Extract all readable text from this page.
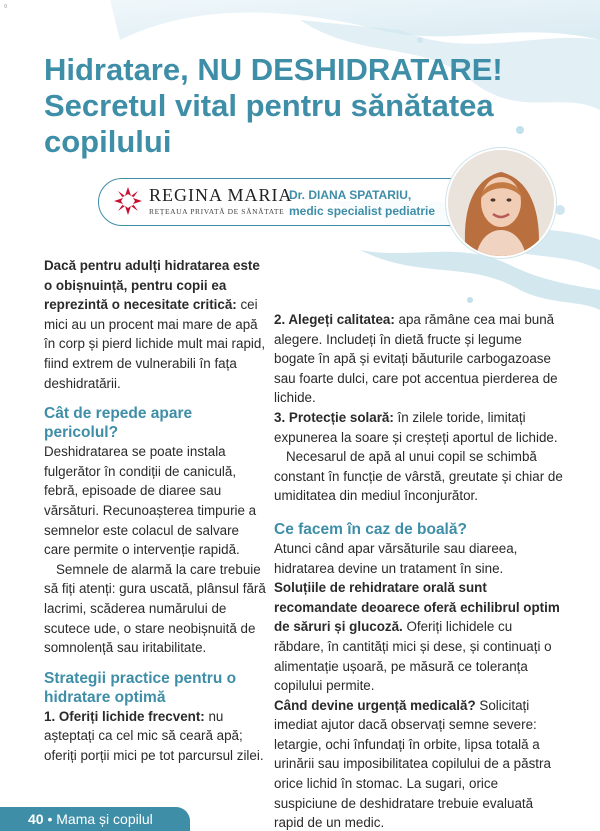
¤
Hidratare, NU DESHIDRATARE!
Secretul vital pentru sănătatea
copilului
REGINA MARIA
REȚEAUA PRIVATĂ DE SĂNĂTATE
Dr. DIANA SPATARIU,
medic specialist pediatrie

Dacă pentru adulți hidratarea este o obișnuință, pentru copii ea reprezintă o necesitate critică: cei mici au un procent mai mare de apă în corp și pierd lichide mult mai rapid, fiind extrem de vulnerabili în fața deshidratării.

Cât de repede apare pericolul?

Deshidratarea se poate instala fulgerător în condiții de caniculă, febră, episoade de diaree sau vărsături. Recunoașterea timpurie a semnelor este colacul de salvare care permite o intervenție rapidă.

Semnele de alarmă la care trebuie să fiți atenți: gura uscată, plânsul fără lacrimi, scăderea numărului de scutece ude, o stare neobișnuită de somnolență sau iritabilitate.

Strategii practice pentru o hidratare optimă

1. Oferiți lichide frecvent: nu așteptați ca cel mic să ceară apă; oferiți porții mici pe tot parcursul zilei.

2. Alegeți calitatea: apa rămâne cea mai bună alegere. Includeți în dietă fructe și legume bogate în apă și evitați băuturile carbogazoase sau foarte dulci, care pot accentua pierderea de lichide.

3. Protecție solară: în zilele toride, limitați expunerea la soare și creșteți aportul de lichide.

Necesarul de apă al unui copil se schimbă constant în funcție de vârstă, greutate și chiar de umiditatea din mediul înconjurător.

Ce facem în caz de boală?

Atunci când apar vărsăturile sau diareea, hidratarea devine un tratament în sine.

Soluțiile de rehidratare orală sunt recomandate deoarece oferă echilibrul optim de săruri și glucoză. Oferiți lichidele cu răbdare, în cantități mici și dese, și continuați o alimentație ușoară, pe măsură ce toleranța copilului permite.

Când devine urgență medicală? Solicitați imediat ajutor dacă observați semne severe: letargie, ochi înfundați în orbite, lipsa totală a urinării sau imposibilitatea copilului de a păstra orice lichid în stomac. La sugari, orice suspiciune de deshidratare trebuie evaluată rapid de un medic.

40 • Mama și copilul
